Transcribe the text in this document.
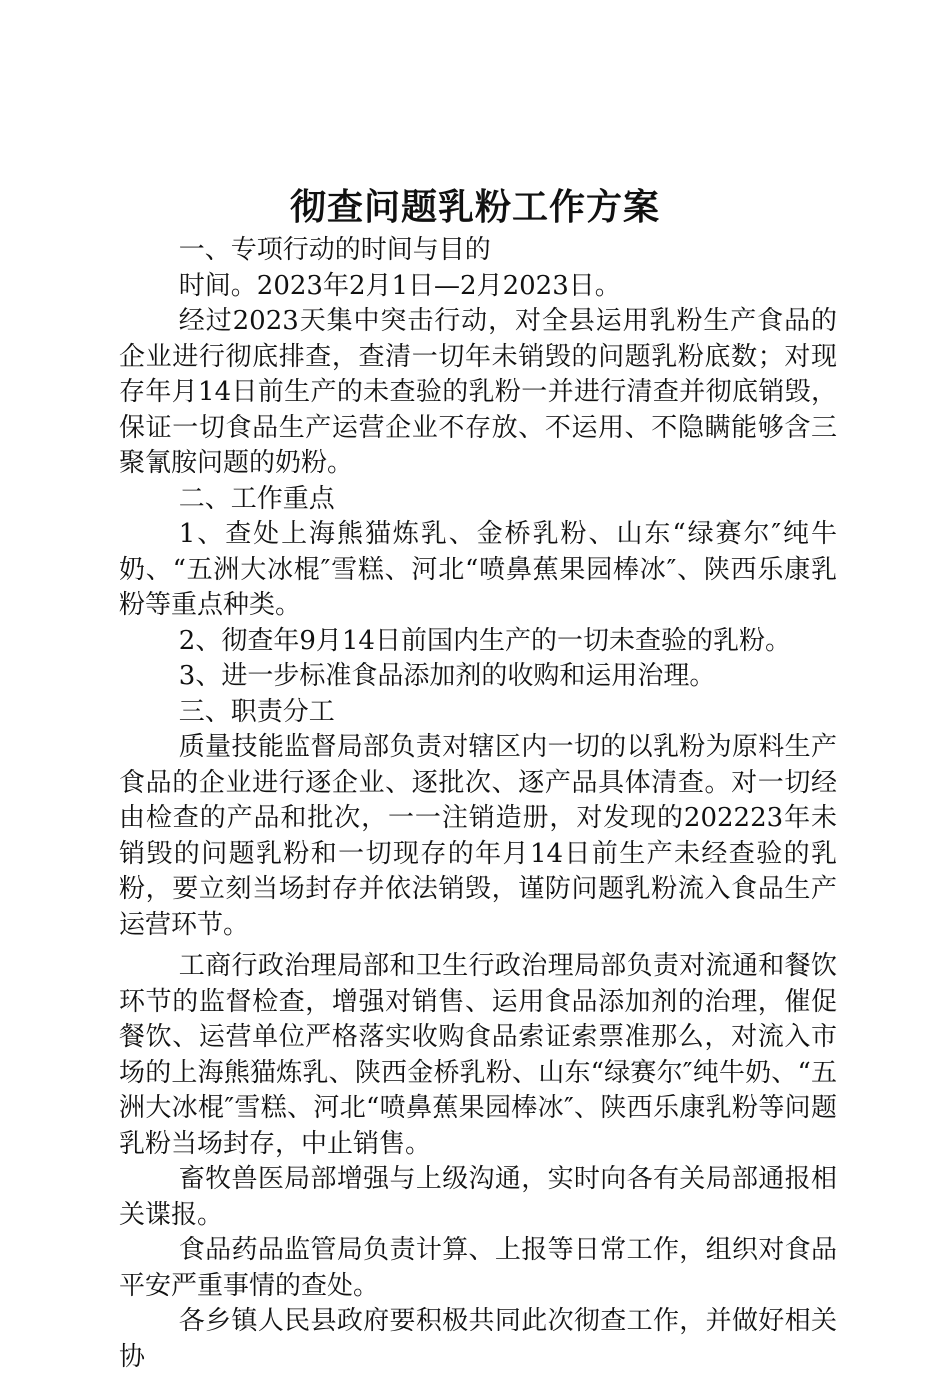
彻查问题乳粉工作方案

一、专项行动的时间与目的

时间。2023年2月1日—2月2023日。

经过2023天集中突击行动，对全县运用乳粉生产食品的企业进行彻底排查，查清一切年未销毁的问题乳粉底数；对现存年月14日前生产的未查验的乳粉一并进行清查并彻底销毁，保证一切食品生产运营企业不存放、不运用、不隐瞒能够含三聚氰胺问题的奶粉。

二、工作重点

1、查处上海熊猫炼乳、金桥乳粉、山东“绿赛尔″纯牛奶、“五洲大冰棍″雪糕、河北“喷鼻蕉果园棒冰″、陕西乐康乳粉等重点种类。

2、彻查年9月14日前国内生产的一切未查验的乳粉。

3、进一步标准食品添加剂的收购和运用治理。

三、职责分工

质量技能监督局部负责对辖区内一切的以乳粉为原料生产食品的企业进行逐企业、逐批次、逐产品具体清查。对一切经由检查的产品和批次，一一注销造册，对发现的202223年未销毁的问题乳粉和一切现存的年月14日前生产未经查验的乳粉，要立刻当场封存并依法销毁，谨防问题乳粉流入食品生产运营环节。

工商行政治理局部和卫生行政治理局部负责对流通和餐饮环节的监督检查，增强对销售、运用食品添加剂的治理，催促餐饮、运营单位严格落实收购食品索证索票准那么，对流入市场的上海熊猫炼乳、陕西金桥乳粉、山东“绿赛尔″纯牛奶、“五洲大冰棍″雪糕、河北“喷鼻蕉果园棒冰″、陕西乐康乳粉等问题乳粉当场封存，中止销售。

畜牧兽医局部增强与上级沟通，实时向各有关局部通报相关谍报。

食品药品监管局负责计算、上报等日常工作，组织对食品平安严重事情的查处。

各乡镇人民县政府要积极共同此次彻查工作，并做好相关协
